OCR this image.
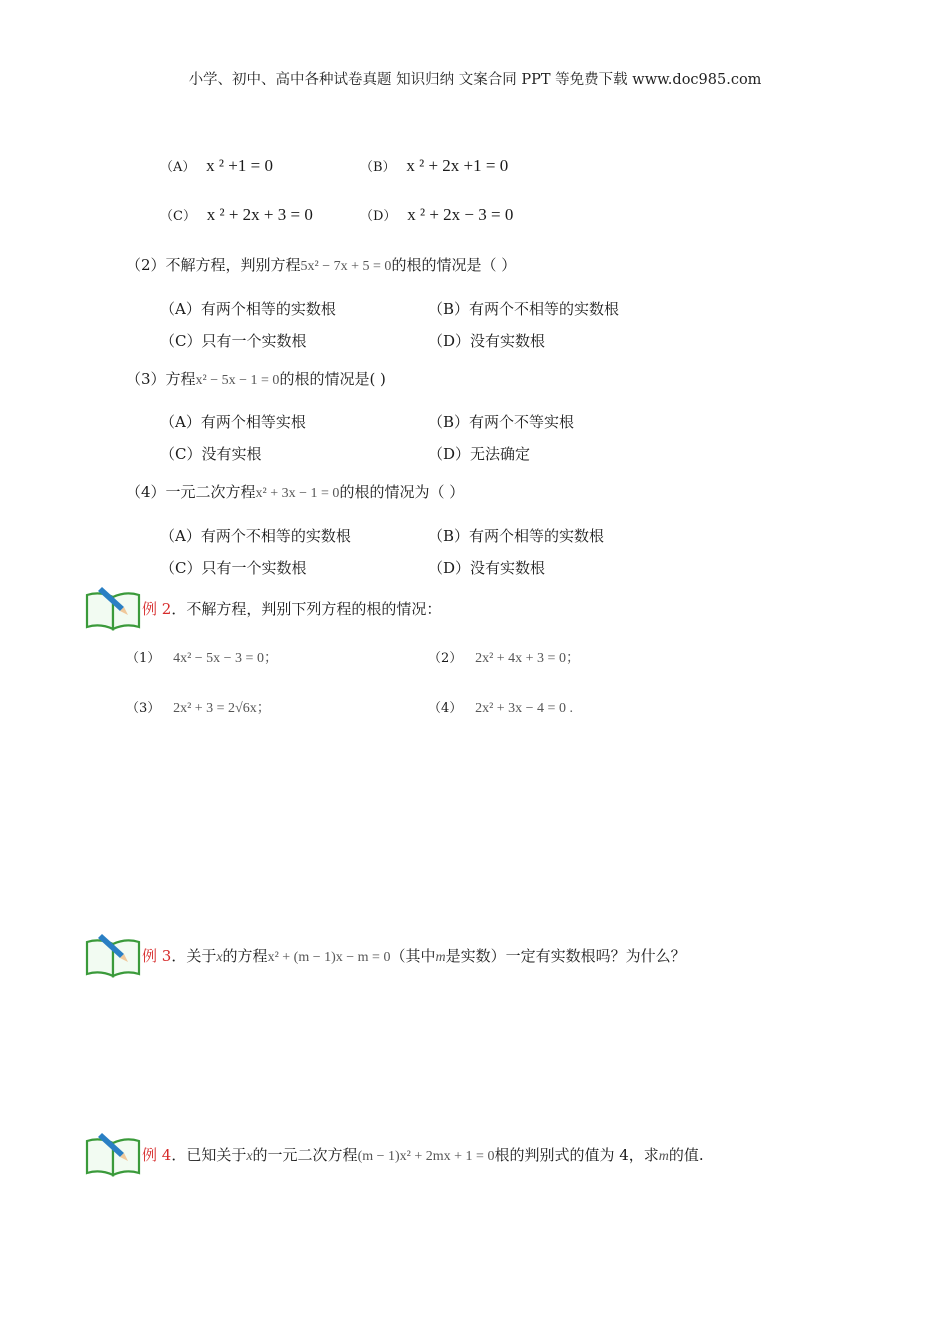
小学、初中、高中各种试卷真题 知识归纳 文案合同 PPT 等免费下载 www.doc985.com
（A） x ² +1 = 0	（B） x ² + 2x +1 = 0
（C） x ² + 2x + 3 = 0	（D） x ² + 2x − 3 = 0
（2）不解方程，判别方程5x² − 7x + 5 = 0的根的情况是（ ）
（A）有两个相等的实数根	（B）有两个不相等的实数根
（C）只有一个实数根	（D）没有实数根
（3）方程x² − 5x − 1 = 0的根的情况是( )
（A）有两个相等实根	（B）有两个不等实根
（C）没有实根	（D）无法确定
（4）一元二次方程x² + 3x − 1 = 0的根的情况为（ ）
（A）有两个不相等的实数根	（B）有两个相等的实数根
（C）只有一个实数根	（D）没有实数根
例 2．不解方程，判别下列方程的根的情况：
（1） 4x² − 5x − 3 = 0；	（2） 2x² + 4x + 3 = 0；
（3） 2x² + 3 = 2√6x；	（4） 2x² + 3x − 4 = 0 .
例 3．关于x的方程x² + (m − 1)x − m = 0（其中m是实数）一定有实数根吗？为什么？
例 4．已知关于x的一元二次方程(m − 1)x² + 2mx + 1 = 0根的判别式的值为 4，求m的值.
